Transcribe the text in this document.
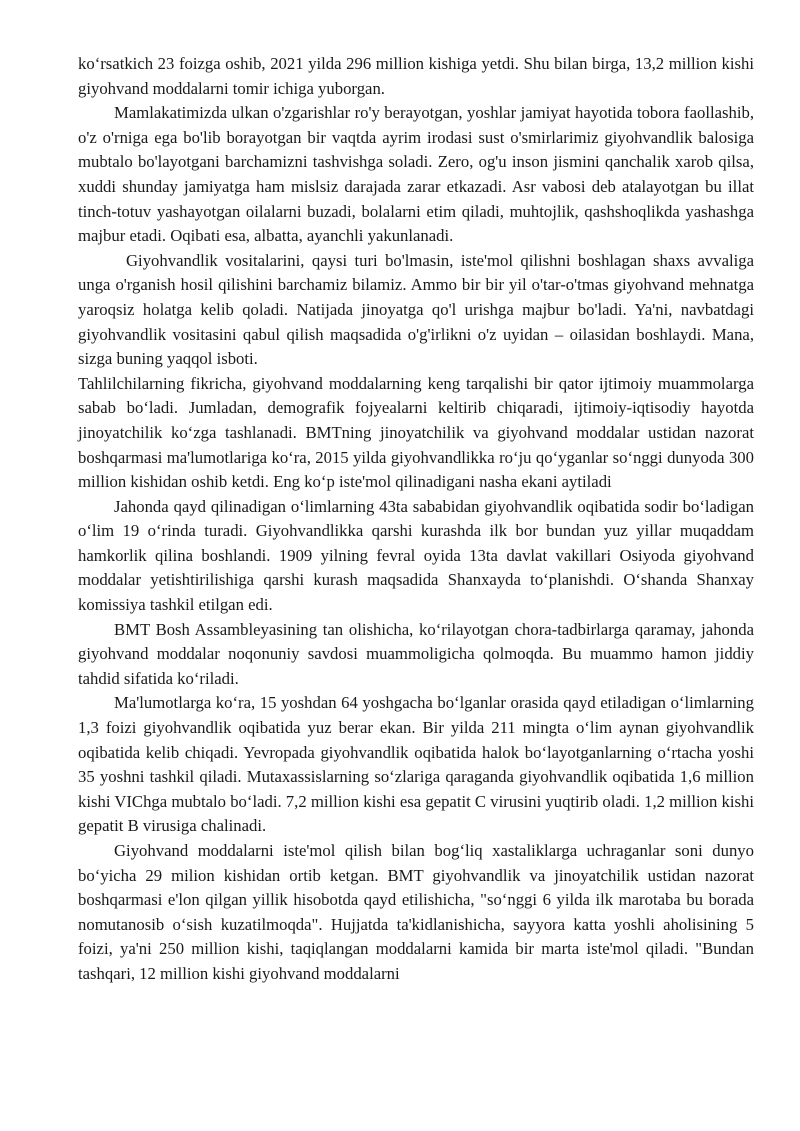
koʻrsatkich 23 foizga oshib, 2021 yilda 296 million kishiga yetdi. Shu bilan birga, 13,2 million kishi giyohvand moddalarni tomir ichiga yuborgan.

Mamlakatimizda ulkan o'zgarishlar ro'y berayotgan, yoshlar jamiyat hayotida tobora faollashib, o'z o'rniga ega bo'lib borayotgan bir vaqtda ayrim irodasi sust o'smirlarimiz giyohvandlik balosiga mubtalo bo'layotgani barchamizni tashvishga soladi. Zero, og'u inson jismini qanchalik xarob qilsa, xuddi shunday jamiyatga ham mislsiz darajada zarar etkazadi. Asr vabosi deb atalayotgan bu illat tinch-totuv yashayotgan oilalarni buzadi, bolalarni etim qiladi, muhtojlik, qashshoqlikda yashashga majbur etadi. Oqibati esa, albatta, ayanchli yakunlanadi.

Giyohvandlik vositalarini, qaysi turi bo'lmasin, iste'mol qilishni boshlagan shaxs avvaliga unga o'rganish hosil qilishini barchamiz bilamiz. Ammo bir bir yil o'tar-o'tmas giyohvand mehnatga yaroqsiz holatga kelib qoladi. Natijada jinoyatga qo'l urishga majbur bo'ladi. Ya'ni, navbatdagi giyohvandlik vositasini qabul qilish maqsadida o'g'irlikni o'z uyidan – oilasidan boshlaydi. Mana, sizga buning yaqqol isboti.

Tahlilchilarning fikricha, giyohvand moddalarning keng tarqalishi bir qator ijtimoiy muammolarga sabab boʻladi. Jumladan, demografik fojyealarni keltirib chiqaradi, ijtimoiy-iqtisodiy hayotda jinoyatchilik koʻzga tashlanadi. BMTning jinoyatchilik va giyohvand moddalar ustidan nazorat boshqarmasi ma'lumotlariga koʻra, 2015 yilda giyohvandlikka roʻju qoʻyganlar soʻnggi dunyoda 300 million kishidan oshib ketdi. Eng koʻp iste'mol qilinadigani nasha ekani aytiladi

Jahonda qayd qilinadigan oʻlimlarning 43ta sababidan giyohvandlik oqibatida sodir boʻladigan oʻlim 19 oʻrinda turadi. Giyohvandlikka qarshi kurashda ilk bor bundan yuz yillar muqaddam hamkorlik qilina boshlandi. 1909 yilning fevral oyida 13ta davlat vakillari Osiyoda giyohvand moddalar yetishtirilishiga qarshi kurash maqsadida Shanxayda toʻplanishdi. Oʻshanda Shanxay komissiya tashkil etilgan edi.

BMT Bosh Assambleyasining tan olishicha, koʻrilayotgan chora-tadbirlarga qaramay, jahonda giyohvand moddalar noqonuniy savdosi muammoligicha qolmoqda. Bu muammo hamon jiddiy tahdid sifatida koʻriladi.

Ma'lumotlarga koʻra, 15 yoshdan 64 yoshgacha boʻlganlar orasida qayd etiladigan oʻlimlarning 1,3 foizi giyohvandlik oqibatida yuz berar ekan. Bir yilda 211 mingta oʻlim aynan giyohvandlik oqibatida kelib chiqadi. Yevropada giyohvandlik oqibatida halok boʻlayotganlarning oʻrtacha yoshi 35 yoshni tashkil qiladi. Mutaxassislarning soʻzlariga qaraganda giyohvandlik oqibatida 1,6 million kishi VIChga mubtalo boʻladi. 7,2 million kishi esa gepatit C virusini yuqtirib oladi. 1,2 million kishi gepatit B virusiga chalinadi.

Giyohvand moddalarni iste'mol qilish bilan bogʻliq xastaliklarga uchraganlar soni dunyo boʻyicha 29 milion kishidan ortib ketgan. BMT giyohvandlik va jinoyatchilik ustidan nazorat boshqarmasi e'lon qilgan yillik hisobotda qayd etilishicha, "soʻnggi 6 yilda ilk marotaba bu borada nomutanosib oʻsish kuzatilmoqda". Hujjatda ta'kidlanishicha, sayyora katta yoshli aholisining 5 foizi, ya'ni 250 million kishi, taqiqlangan moddalarni kamida bir marta iste'mol qiladi. "Bundan tashqari, 12 million kishi giyohvand moddalarni
